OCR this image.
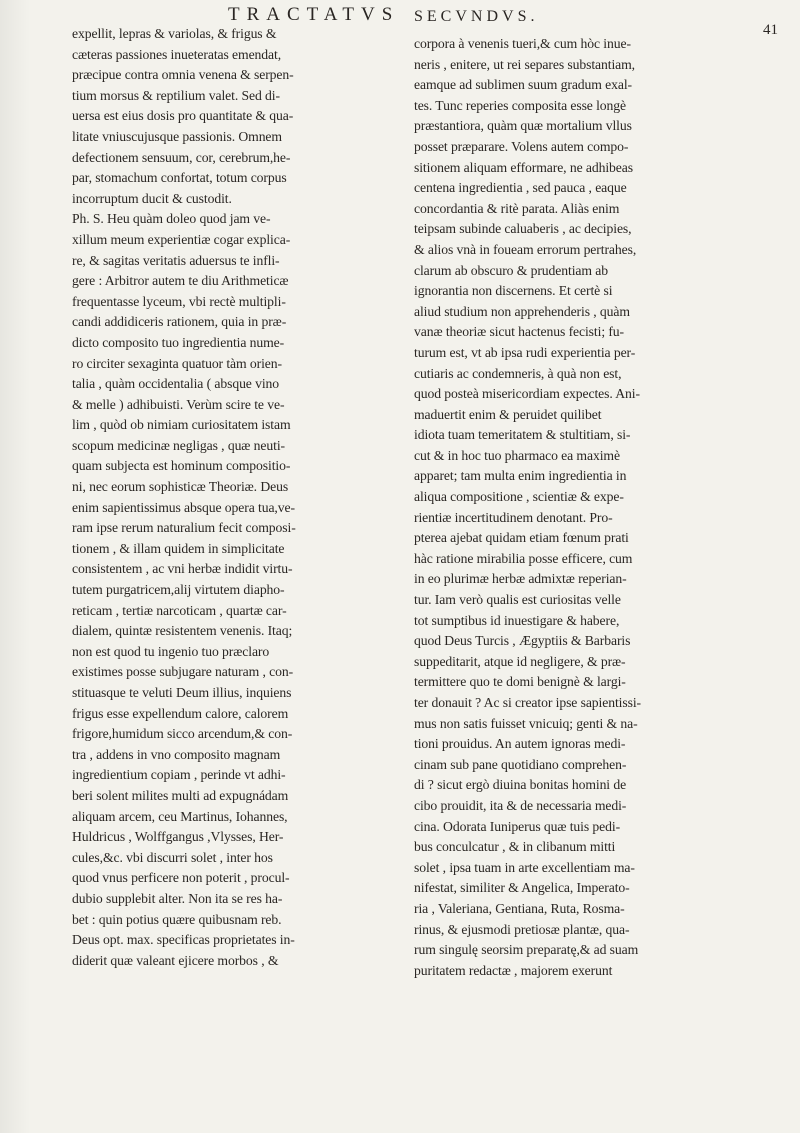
TRACTATVS SECVNDVS.
41
expellit, lepras & variolas, & frigus &
cæteras passiones inueteratas emendat,
præcipue contra omnia venena & serpen-
tium morsus & reptilium valet. Sed di-
uersa est eius dosis pro quantitate & qua-
litate vniuscujusque passionis. Omnem
defectionem sensuum, cor, cerebrum,he-
par, stomachum confortat, totum corpus
incorruptum ducit & custodit.
Ph. S. Heu quàm doleo quod jam ve-
xillum meum experientiæ cogar explica-
re, & sagitas veritatis aduersus te infli-
gere : Arbitror autem te diu Arithmeticæ
frequentasse lyceum, vbi rectè multipli-
candi addidiceris rationem, quia in præ-
dicto composito tuo ingredientia nume-
ro circiter sexaginta quatuor tàm orien-
talia , quàm occidentalia ( absque vino
& melle ) adhibuisti. Verùm scire te ve-
lim , quòd ob nimiam curiositatem istam
scopum medicinæ negligas , quæ neuti-
quam subjecta est hominum compositio-
ni, nec eorum sophisticæ Theoriæ. Deus
enim sapientissimus absque opera tua,ve-
ram ipse rerum naturalium fecit composi-
tionem , & illam quidem in simplicitate
consistentem , ac vni herbæ indidit virtu-
tutem purgatricem,alij virtutem diapho-
reticam , tertiæ narcoticam , quartæ car-
dialem, quintæ resistentem venenis. Itaq;
non est quod tu ingenio tuo præclaro
existimes posse subjugare naturam , con-
stituasque te veluti Deum illius, inquiens
frigus esse expellendum calore, calorem
frigore,humidum sicco arcendum,& con-
tra , addens in vno composito magnam
ingredientium copiam , perinde vt adhi-
beri solent milites multi ad expugnádam
aliquam arcem, ceu Martinus, Iohannes,
Huldricus , Wolffgangus ,Vlysses, Her-
cules,&c. vbi discurri solet , inter hos
quod vnus perficere non poterit , procul-
dubio supplebit alter. Non ita se res ha-
bet : quin potius quære quibusnam reb.
Deus opt. max. specificas proprietates in-
diderit quæ valeant ejicere morbos , &
corpora à venenis tueri,& cum hòc inue-
neris , enitere, ut rei separes substantiam,
eamque ad sublimen suum gradum exal-
tes. Tunc reperies composita esse longè
præstantiora, quàm quæ mortalium vllus
posset præparare. Volens autem compo-
sitionem aliquam efformare, ne adhibeas
centena ingredientia , sed pauca , eaque
concordantia & ritè parata. Aliàs enim
teipsam subinde caluaberis , ac decipies,
& alios vnà in foueam errorum pertrahes,
clarum ab obscuro & prudentiam ab
ignorantia non discernens. Et certè si
aliud studium non apprehenderis , quàm
vanæ theoriæ sicut hactenus fecisti; fu-
turum est, vt ab ipsa rudi experientia per-
cutiaris ac condemneris, à quà non est,
quod posteà misericordiam expectes. Ani-
maduertit enim & peruidet quilibet
idiota tuam temeritatem & stultitiam, si-
cut & in hoc tuo pharmaco ea maximè
apparet; tam multa enim ingredientia in
aliqua compositione , scientiæ & expe-
rientiæ incertitudinem denotant. Pro-
pterea ajebat quidam etiam fœnum prati
hàc ratione mirabilia posse efficere, cum
in eo plurimæ herbæ admixtæ reperian-
tur. Iam verò qualis est curiositas velle
tot sumptibus id inuestigare & habere,
quod Deus Turcis , Ægyptiis & Barbaris
suppeditarit, atque id negligere, & præ-
termittere quo te domi benignè & largi-
ter donauit ? Ac si creator ipse sapientissi-
mus non satis fuisset vnicuiq; genti & na-
tioni prouidus. An autem ignoras medi-
cinam sub pane quotidiano comprehen-
di ? sicut ergò diuina bonitas homini de
cibo prouidit, ita & de necessaria medi-
cina. Odorata Iuniperus quæ tuis pedi-
bus conculcatur , & in clibanum mitti
solet , ipsa tuam in arte excellentiam ma-
nifestat, similiter & Angelica, Imperato-
ria , Valeriana, Gentiana, Ruta, Rosma-
rinus, & ejusmodi pretiosæ plantæ, qua-
rum singulę seorsim preparatę,& ad suam
puritatem redactæ , majorem exerunt
